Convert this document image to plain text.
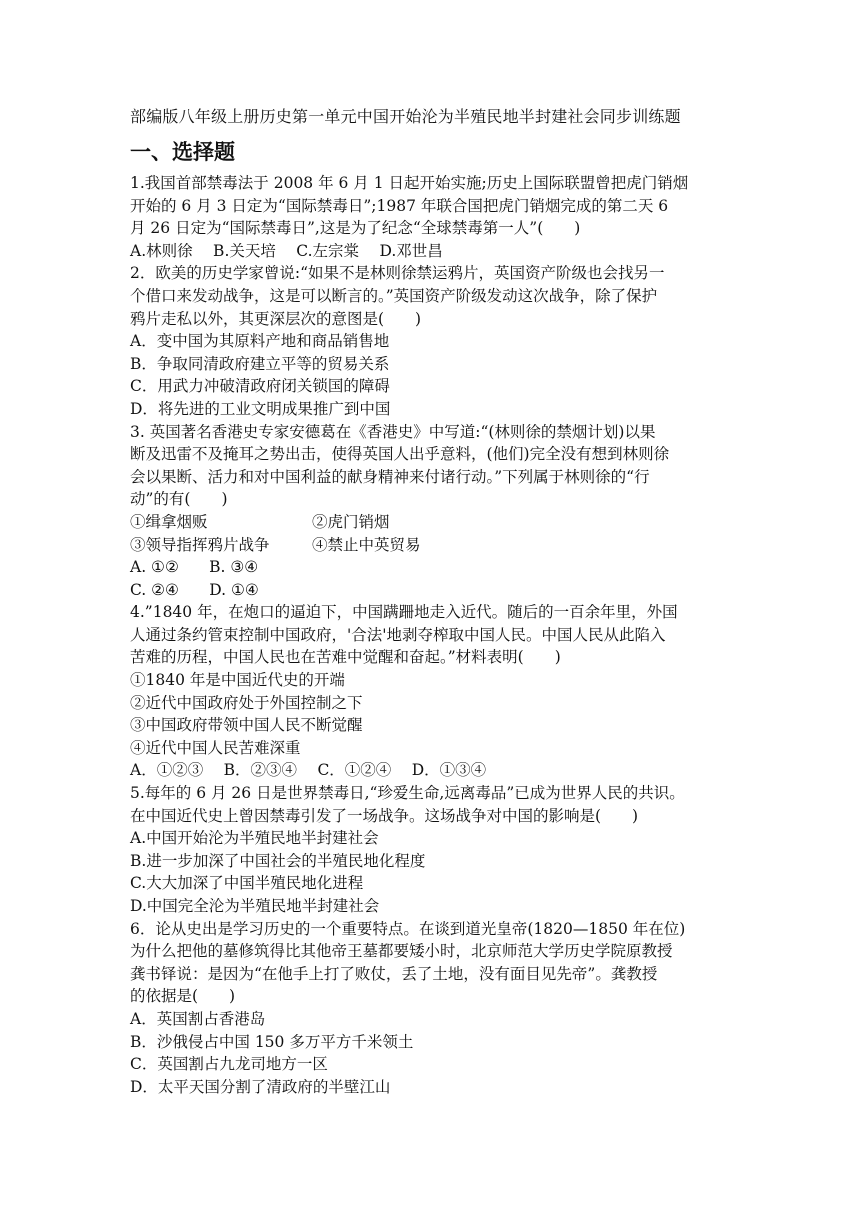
部编版八年级上册历史第一单元中国开始沦为半殖民地半封建社会同步训练题
一、选择题
1.我国首部禁毒法于 2008 年 6 月 1 日起开始实施;历史上国际联盟曾把虎门销烟
开始的 6 月 3 日定为“国际禁毒日”;1987 年联合国把虎门销烟完成的第二天 6
月 26 日定为“国际禁毒日”,这是为了纪念“全球禁毒第一人”(　　)
A.林则徐　 B.关天培　 C.左宗棠　 D.邓世昌
2．欧美的历史学家曾说:“如果不是林则徐禁运鸦片，英国资产阶级也会找另一
个借口来发动战争，这是可以断言的。”英国资产阶级发动这次战争，除了保护
鸦片走私以外，其更深层次的意图是(　　)
A．变中国为其原料产地和商品销售地
B．争取同清政府建立平等的贸易关系
C．用武力冲破清政府闭关锁国的障碍
D．将先进的工业文明成果推广到中国
3. 英国著名香港史专家安德葛在《香港史》中写道:“(林则徐的禁烟计划)以果
断及迅雷不及掩耳之势出击，使得英国人出乎意料，(他们)完全没有想到林则徐
会以果断、活力和对中国利益的献身精神来付诸行动。”下列属于林则徐的“行
动”的有(　　)
①缉拿烟贩	②虎门销烟
③领导指挥鸦片战争	④禁止中英贸易
A. ①②　   B. ③④
C. ②④　   D. ①④
4.”1840 年，在炮口的逼迫下，中国蹒跚地走入近代。随后的一百余年里，外国
人通过条约管束控制中国政府，'合法'地剥夺榨取中国人民。中国人民从此陷入
苦难的历程，中国人民也在苦难中觉醒和奋起。”材料表明(　　)
①1840 年是中国近代史的开端
②近代中国政府处于外国控制之下
③中国政府带领中国人民不断觉醒
④近代中国人民苦难深重
A．①②③　 B．②③④　 C．①②④　 D．①③④
5.每年的 6 月 26 日是世界禁毒日,“珍爱生命,远离毒品”已成为世界人民的共识。
在中国近代史上曾因禁毒引发了一场战争。这场战争对中国的影响是(　　)
A.中国开始沦为半殖民地半封建社会
B.进一步加深了中国社会的半殖民地化程度
C.大大加深了中国半殖民地化进程
D.中国完全沦为半殖民地半封建社会
6．论从史出是学习历史的一个重要特点。在谈到道光皇帝(1820—1850 年在位)
为什么把他的墓修筑得比其他帝王墓都要矮小时，北京师范大学历史学院原教授
龚书铎说：是因为“在他手上打了败仗，丢了土地，没有面目见先帝”。龚教授
的依据是(　　)
A．英国割占香港岛
B．沙俄侵占中国 150 多万平方千米领土
C．英国割占九龙司地方一区
D．太平天国分割了清政府的半壁江山
